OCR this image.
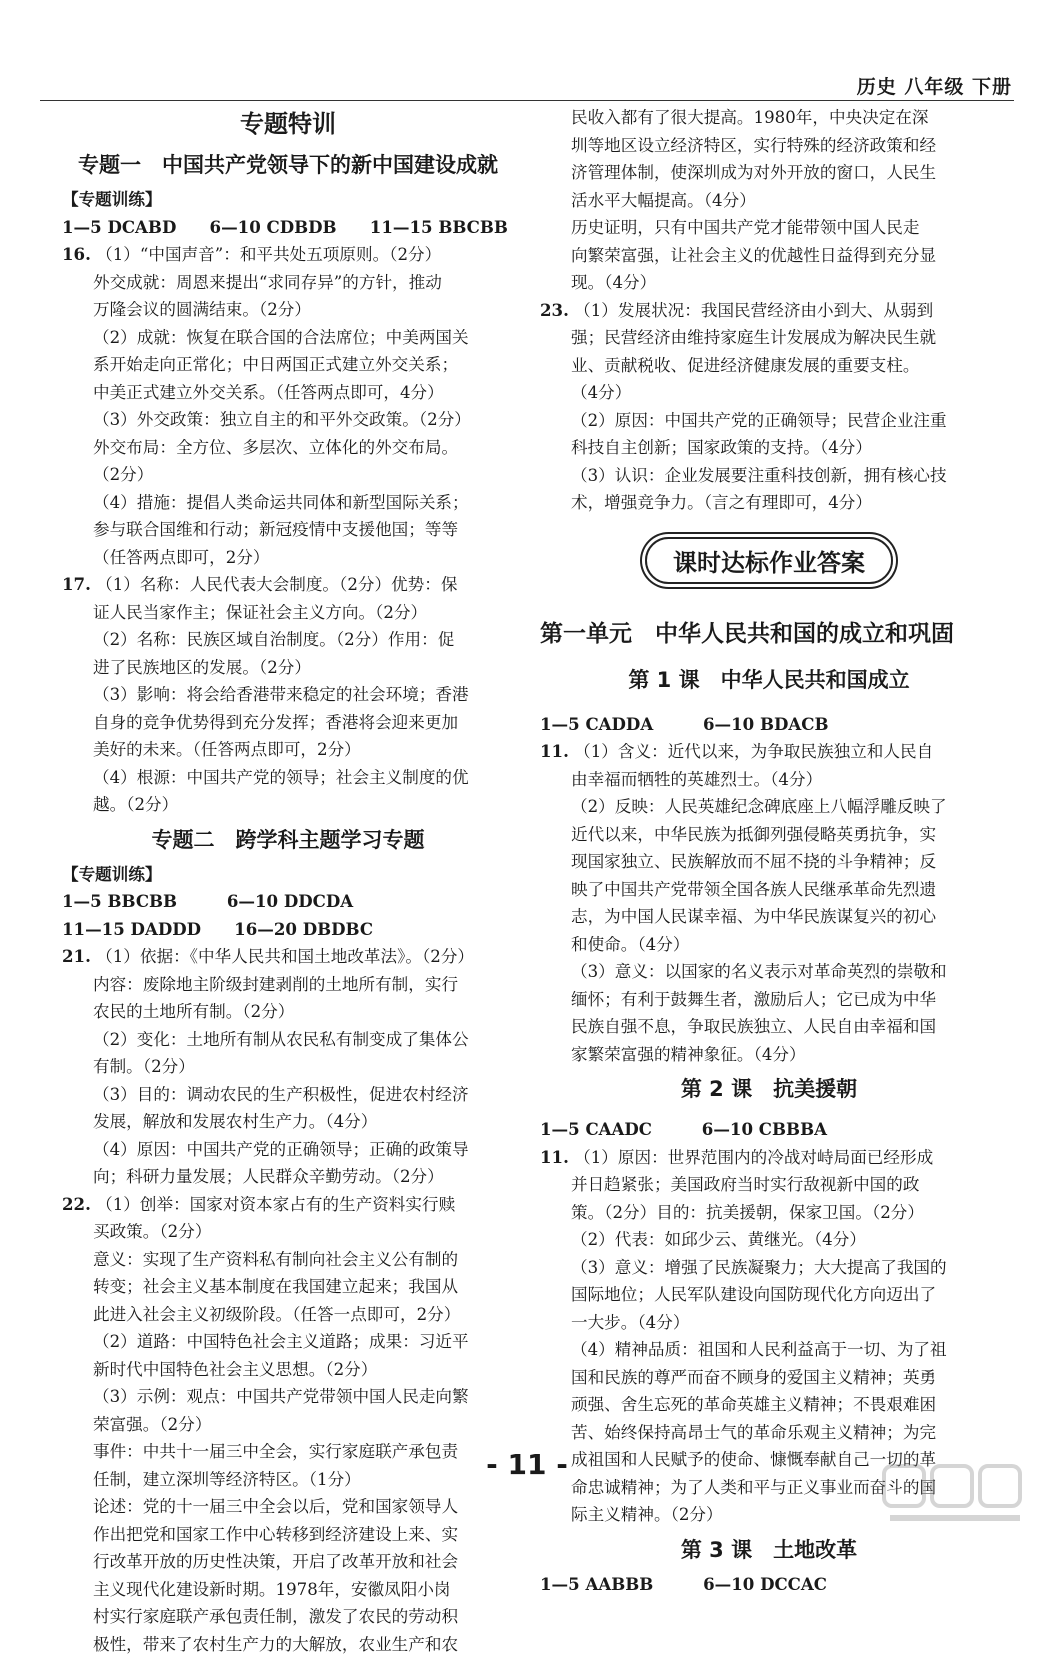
历史 八年级 下册

专题特训

专题一　中国共产党领导下的新中国建设成就

【专题训练】

1—5 DCABD　　6—10 CDBDB　　11—15 BBCBB

16. （1）“中国声音”：和平共处五项原则。（2分）

外交成就：周恩来提出“求同存异”的方针，推动

万隆会议的圆满结束。（2分）

（2）成就：恢复在联合国的合法席位；中美两国关

系开始走向正常化；中日两国正式建立外交关系；

中美正式建立外交关系。（任答两点即可，4分）

（3）外交政策：独立自主的和平外交政策。（2分）

外交布局：全方位、多层次、立体化的外交布局。

（2分）

（4）措施：提倡人类命运共同体和新型国际关系；

参与联合国维和行动；新冠疫情中支援他国；等等

（任答两点即可，2分）

17. （1）名称：人民代表大会制度。（2分）优势：保

证人民当家作主；保证社会主义方向。（2分）

（2）名称：民族区域自治制度。（2分）作用：促

进了民族地区的发展。（2分）

（3）影响：将会给香港带来稳定的社会环境；香港

自身的竞争优势得到充分发挥；香港将会迎来更加

美好的未来。（任答两点即可，2分）

（4）根源：中国共产党的领导；社会主义制度的优

越。（2分）

专题二　跨学科主题学习专题

【专题训练】

1—5 BBCBB　　　6—10 DDCDA

11—15 DADDD　　16—20 DBDBC

21. （1）依据：《中华人民共和国土地改革法》。（2分）

内容：废除地主阶级封建剥削的土地所有制，实行

农民的土地所有制。（2分）

（2）变化：土地所有制从农民私有制变成了集体公

有制。（2分）

（3）目的：调动农民的生产积极性，促进农村经济

发展，解放和发展农村生产力。（4分）

（4）原因：中国共产党的正确领导；正确的政策导

向；科研力量发展；人民群众辛勤劳动。（2分）

22. （1）创举：国家对资本家占有的生产资料实行赎

买政策。（2分）

意义：实现了生产资料私有制向社会主义公有制的

转变；社会主义基本制度在我国建立起来；我国从

此进入社会主义初级阶段。（任答一点即可，2分）

（2）道路：中国特色社会主义道路；成果：习近平

新时代中国特色社会主义思想。（2分）

（3）示例：观点：中国共产党带领中国人民走向繁

荣富强。（2分）

事件：中共十一届三中全会，实行家庭联产承包责

任制，建立深圳等经济特区。（1分）

论述：党的十一届三中全会以后，党和国家领导人

作出把党和国家工作中心转移到经济建设上来、实

行改革开放的历史性决策，开启了改革开放和社会

主义现代化建设新时期。1978年，安徽凤阳小岗

村实行家庭联产承包责任制，激发了农民的劳动积

极性，带来了农村生产力的大解放，农业生产和农

民收入都有了很大提高。1980年，中央决定在深

圳等地区设立经济特区，实行特殊的经济政策和经

济管理体制，使深圳成为对外开放的窗口，人民生

活水平大幅提高。（4分）

历史证明，只有中国共产党才能带领中国人民走

向繁荣富强，让社会主义的优越性日益得到充分显

现。（4分）

23. （1）发展状况：我国民营经济由小到大、从弱到

强；民营经济由维持家庭生计发展成为解决民生就

业、贡献税收、促进经济健康发展的重要支柱。

（4分）

（2）原因：中国共产党的正确领导；民营企业注重

科技自主创新；国家政策的支持。（4分）

（3）认识：企业发展要注重科技创新，拥有核心技

术，增强竞争力。（言之有理即可，4分）

课时达标作业答案

第一单元　中华人民共和国的成立和巩固

第 1 课　中华人民共和国成立

1—5 CADDA　　　6—10 BDACB

11. （1）含义：近代以来，为争取民族独立和人民自

由幸福而牺牲的英雄烈士。（4分）

（2）反映：人民英雄纪念碑底座上八幅浮雕反映了

近代以来，中华民族为抵御列强侵略英勇抗争，实

现国家独立、民族解放而不屈不挠的斗争精神；反

映了中国共产党带领全国各族人民继承革命先烈遗

志，为中国人民谋幸福、为中华民族谋复兴的初心

和使命。（4分）

（3）意义：以国家的名义表示对革命英烈的崇敬和

缅怀；有利于鼓舞生者，激励后人；它已成为中华

民族自强不息，争取民族独立、人民自由幸福和国

家繁荣富强的精神象征。（4分）

第 2 课　抗美援朝

1—5 CAADC　　　6—10 CBBBA

11. （1）原因：世界范围内的冷战对峙局面已经形成

并日趋紧张；美国政府当时实行敌视新中国的政

策。（2分）目的：抗美援朝，保家卫国。（2分）

（2）代表：如邱少云、黄继光。（4分）

（3）意义：增强了民族凝聚力；大大提高了我国的

国际地位；人民军队建设向国防现代化方向迈出了

一大步。（4分）

（4）精神品质：祖国和人民利益高于一切、为了祖

国和民族的尊严而奋不顾身的爱国主义精神；英勇

顽强、舍生忘死的革命英雄主义精神；不畏艰难困

苦、始终保持高昂士气的革命乐观主义精神；为完

成祖国和人民赋予的使命、慷慨奉献自己一切的革

命忠诚精神；为了人类和平与正义事业而奋斗的国

际主义精神。（2分）

第 3 课　土地改革

1—5 AABBB　　　6—10 DCCAC

- 11 -
